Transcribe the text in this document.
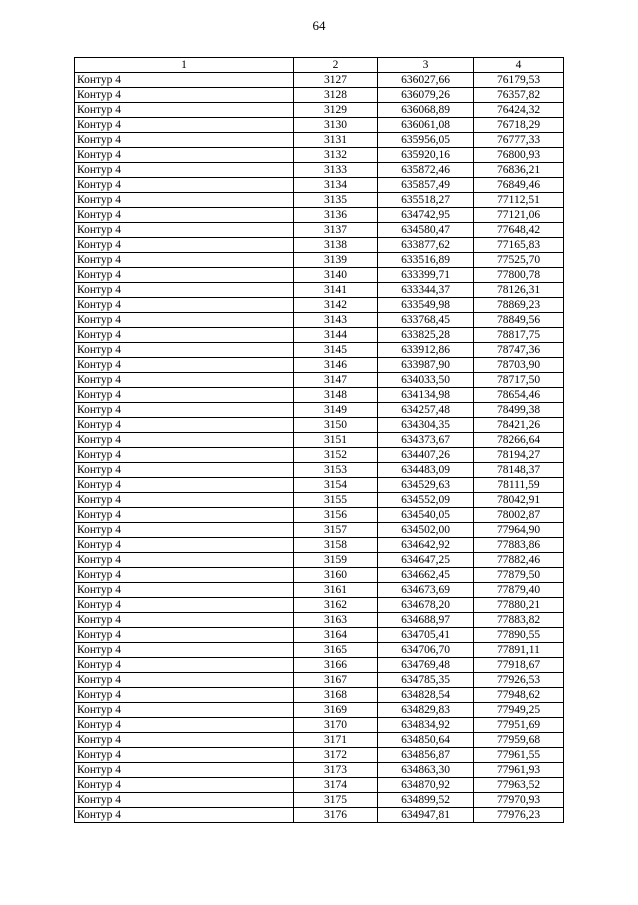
64
1	2	3	4
Контур 4	3127	636027,66	76179,53
Контур 4	3128	636079,26	76357,82
Контур 4	3129	636068,89	76424,32
Контур 4	3130	636061,08	76718,29
Контур 4	3131	635956,05	76777,33
Контур 4	3132	635920,16	76800,93
Контур 4	3133	635872,46	76836,21
Контур 4	3134	635857,49	76849,46
Контур 4	3135	635518,27	77112,51
Контур 4	3136	634742,95	77121,06
Контур 4	3137	634580,47	77648,42
Контур 4	3138	633877,62	77165,83
Контур 4	3139	633516,89	77525,70
Контур 4	3140	633399,71	77800,78
Контур 4	3141	633344,37	78126,31
Контур 4	3142	633549,98	78869,23
Контур 4	3143	633768,45	78849,56
Контур 4	3144	633825,28	78817,75
Контур 4	3145	633912,86	78747,36
Контур 4	3146	633987,90	78703,90
Контур 4	3147	634033,50	78717,50
Контур 4	3148	634134,98	78654,46
Контур 4	3149	634257,48	78499,38
Контур 4	3150	634304,35	78421,26
Контур 4	3151	634373,67	78266,64
Контур 4	3152	634407,26	78194,27
Контур 4	3153	634483,09	78148,37
Контур 4	3154	634529,63	78111,59
Контур 4	3155	634552,09	78042,91
Контур 4	3156	634540,05	78002,87
Контур 4	3157	634502,00	77964,90
Контур 4	3158	634642,92	77883,86
Контур 4	3159	634647,25	77882,46
Контур 4	3160	634662,45	77879,50
Контур 4	3161	634673,69	77879,40
Контур 4	3162	634678,20	77880,21
Контур 4	3163	634688,97	77883,82
Контур 4	3164	634705,41	77890,55
Контур 4	3165	634706,70	77891,11
Контур 4	3166	634769,48	77918,67
Контур 4	3167	634785,35	77926,53
Контур 4	3168	634828,54	77948,62
Контур 4	3169	634829,83	77949,25
Контур 4	3170	634834,92	77951,69
Контур 4	3171	634850,64	77959,68
Контур 4	3172	634856,87	77961,55
Контур 4	3173	634863,30	77961,93
Контур 4	3174	634870,92	77963,52
Контур 4	3175	634899,52	77970,93
Контур 4	3176	634947,81	77976,23
